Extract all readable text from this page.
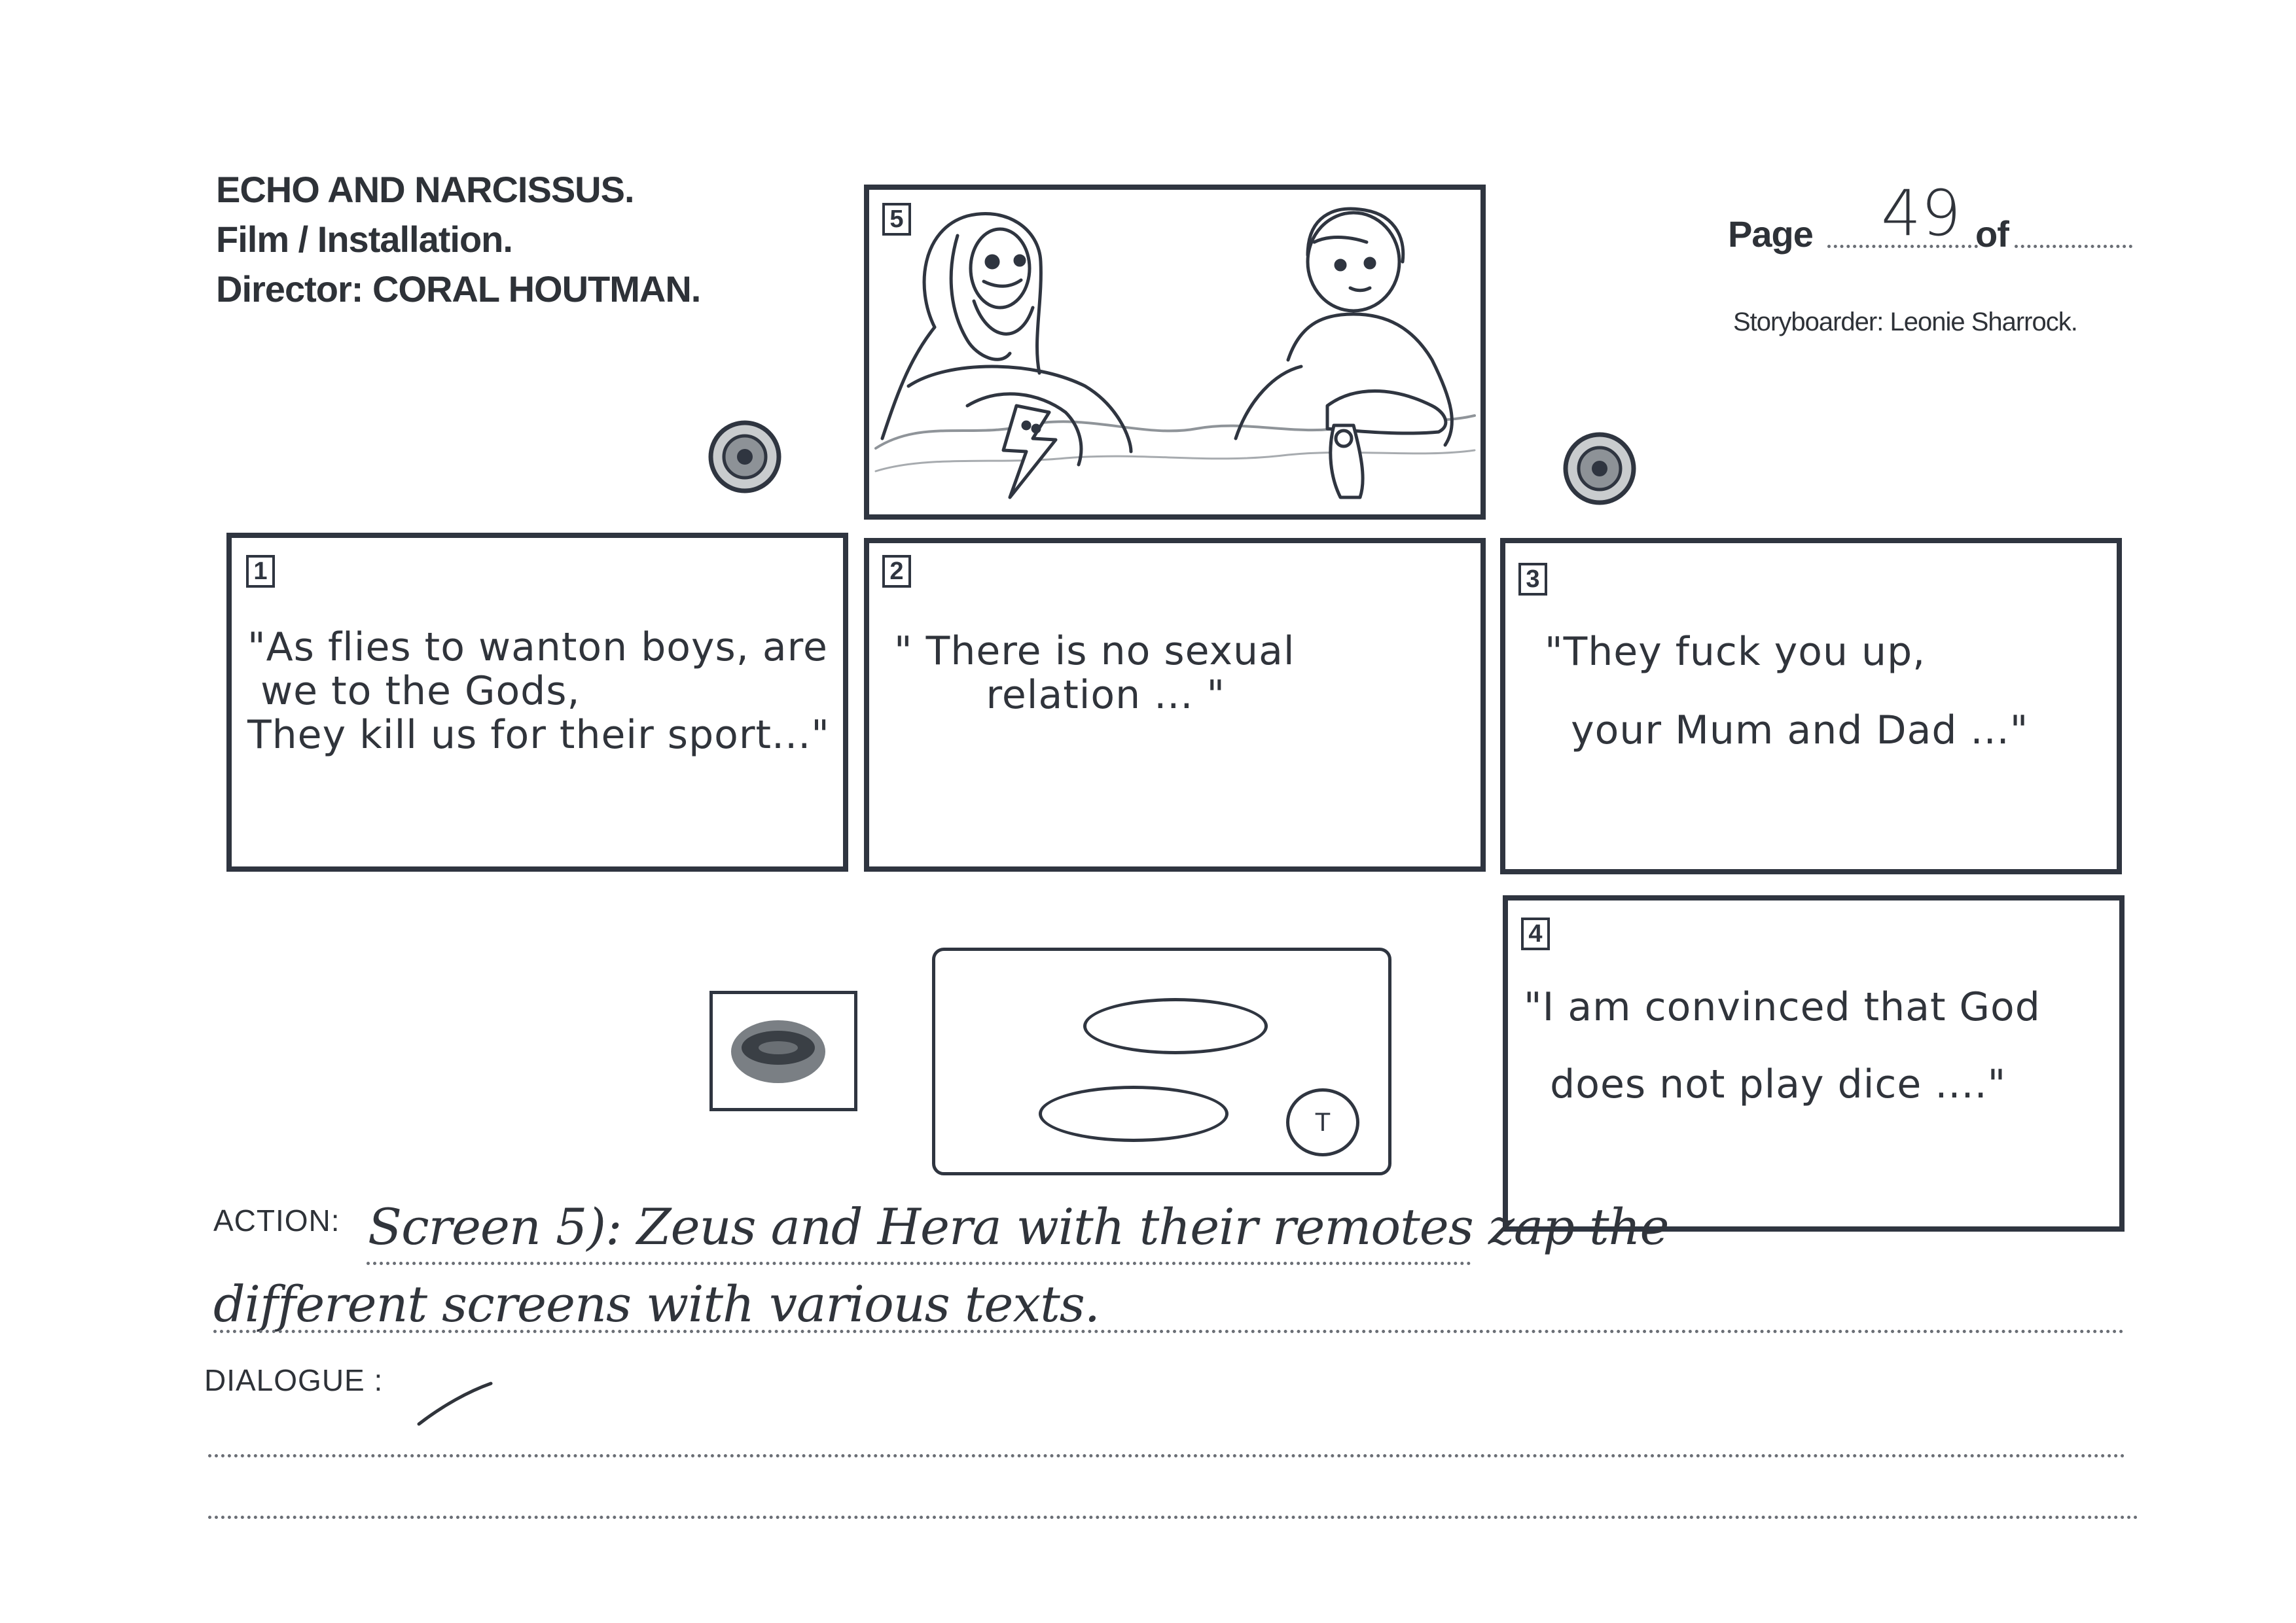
ECHO AND NARCISSUS.
Film / Installation.
Director: CORAL HOUTMAN.
Page 49 of
Storyboarder: Leonie Sharrock.
5
1
"As flies to wanton boys, are
we to the Gods,
They kill us for their sport..."
2
" There is no sexual
relation ... "
3
"They fuck you up,

your Mum and Dad ..."
4
"I am convinced that God

does not play dice ...."
T
ACTION: Screen 5): Zeus and Hera with their remotes zap the
different screens with various texts.
DIALOGUE :
